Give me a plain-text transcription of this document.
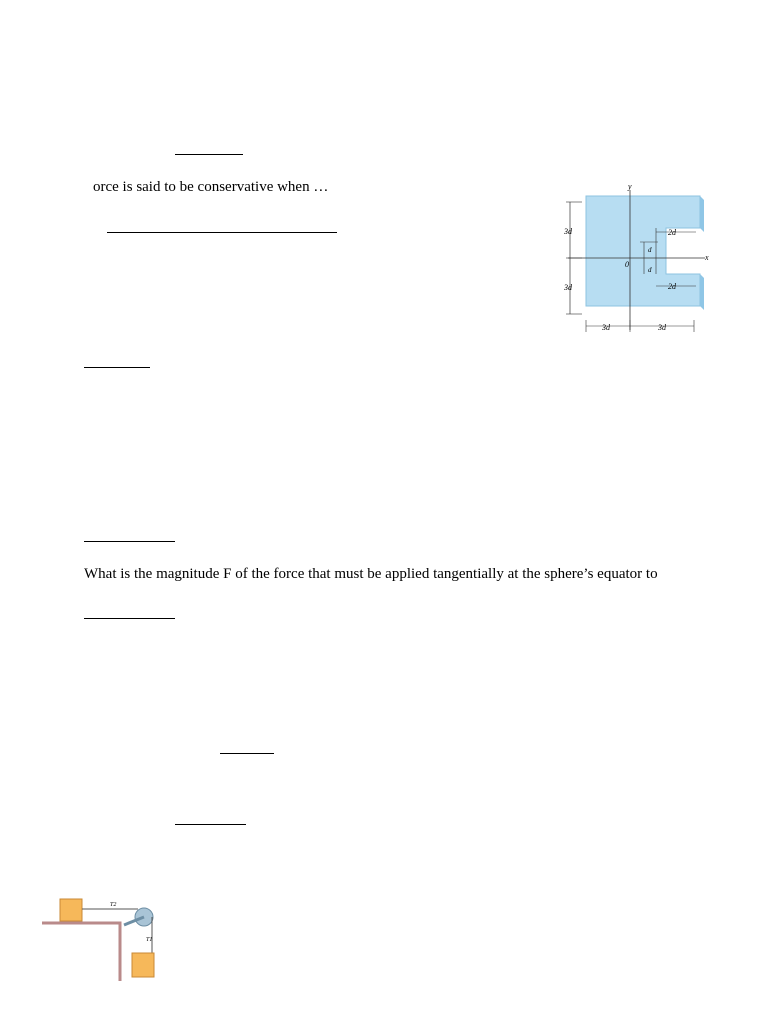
orce is said to be conservative when …
What is the magnitude F of the force that must be applied tangentially at the sphere’s equator to
y
x
0
3d
3d
d
d
2d
2d
3d	3d
T2
T1
